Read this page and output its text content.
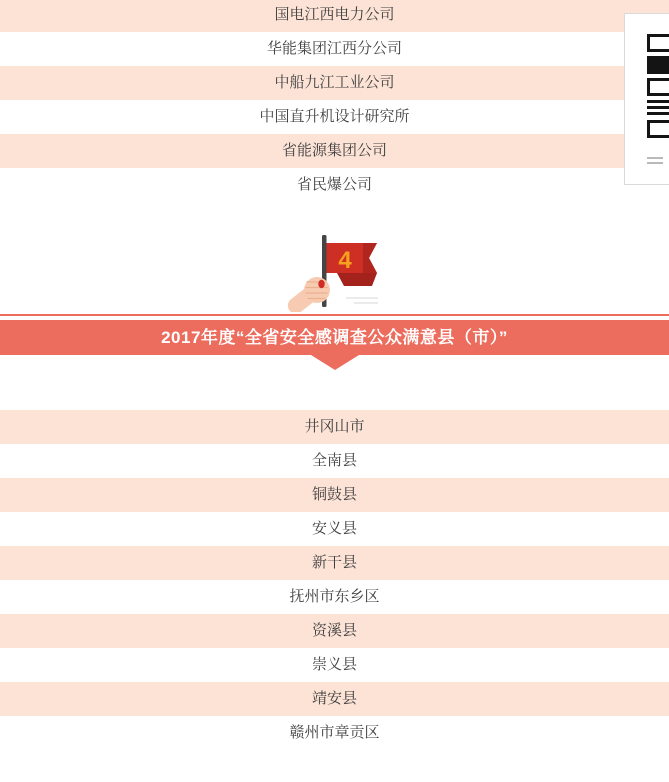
国电江西电力公司
华能集团江西分公司
中船九江工业公司
中国直升机设计研究所
省能源集团公司
省民爆公司
4
2017年度“全省安全感调查公众满意县（市）”
井冈山市
全南县
铜鼓县
安义县
新干县
抚州市东乡区
资溪县
崇义县
靖安县
赣州市章贡区
